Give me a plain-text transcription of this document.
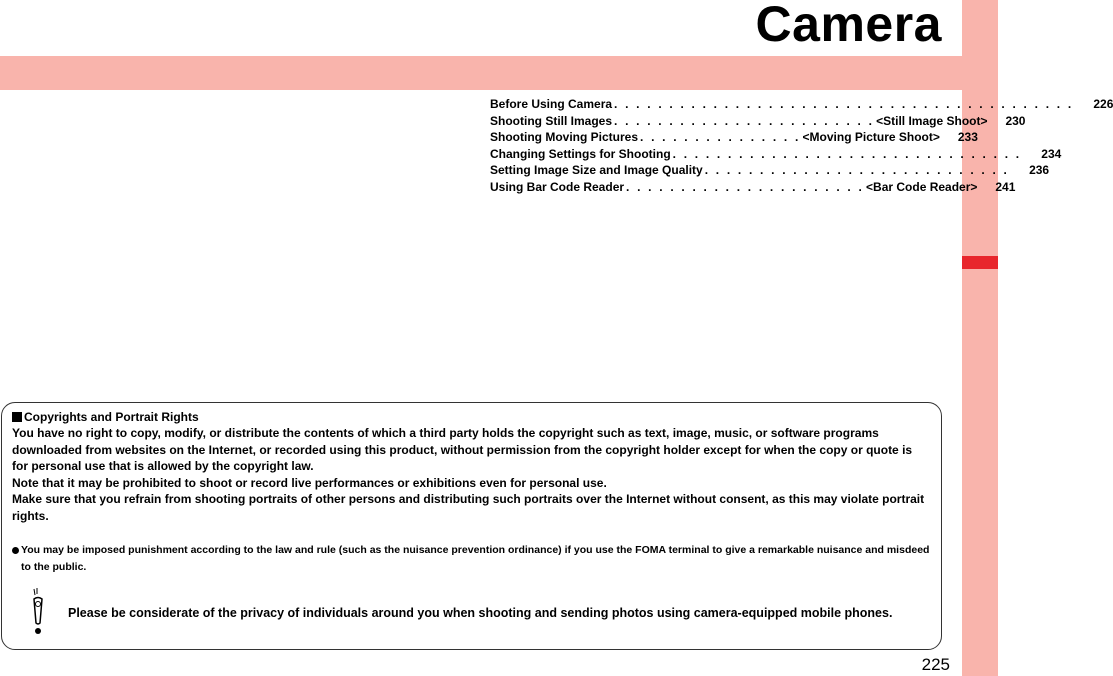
Camera
Before Using Camera . . . . . . . . . . . . . . . . . . . . . . . . . . . . . . . . . . . . . . . . . .	226
Shooting Still Images . . . . . . . . . . . . . . . . . . . . . . . . <Still Image Shoot>	230
Shooting Moving Pictures . . . . . . . . . . . . . . . <Moving Picture Shoot>	233
Changing Settings for Shooting . . . . . . . . . . . . . . . . . . . . . . . . . . . . . . . .	234
Setting Image Size and Image Quality . . . . . . . . . . . . . . . . . . . . . . . . . . . .	236
Using Bar Code Reader . . . . . . . . . . . . . . . . . . . . . . <Bar Code Reader>	241
Copyrights and Portrait Rights

You have no right to copy, modify, or distribute the contents of which a third party holds the copyright such as text, image, music, or software programs downloaded from websites on the Internet, or recorded using this product, without permission from the copyright holder except for when the copy or quote is for personal use that is allowed by the copyright law.

Note that it may be prohibited to shoot or record live performances or exhibitions even for personal use.

Make sure that you refrain from shooting portraits of other persons and distributing such portraits over the Internet without consent, as this may violate portrait rights.

You may be imposed punishment according to the law and rule (such as the nuisance prevention ordinance) if you use the FOMA terminal to give a remarkable nuisance and misdeed to the public.
Please be considerate of the privacy of individuals around you when shooting and sending photos using camera-equipped mobile phones.
225
